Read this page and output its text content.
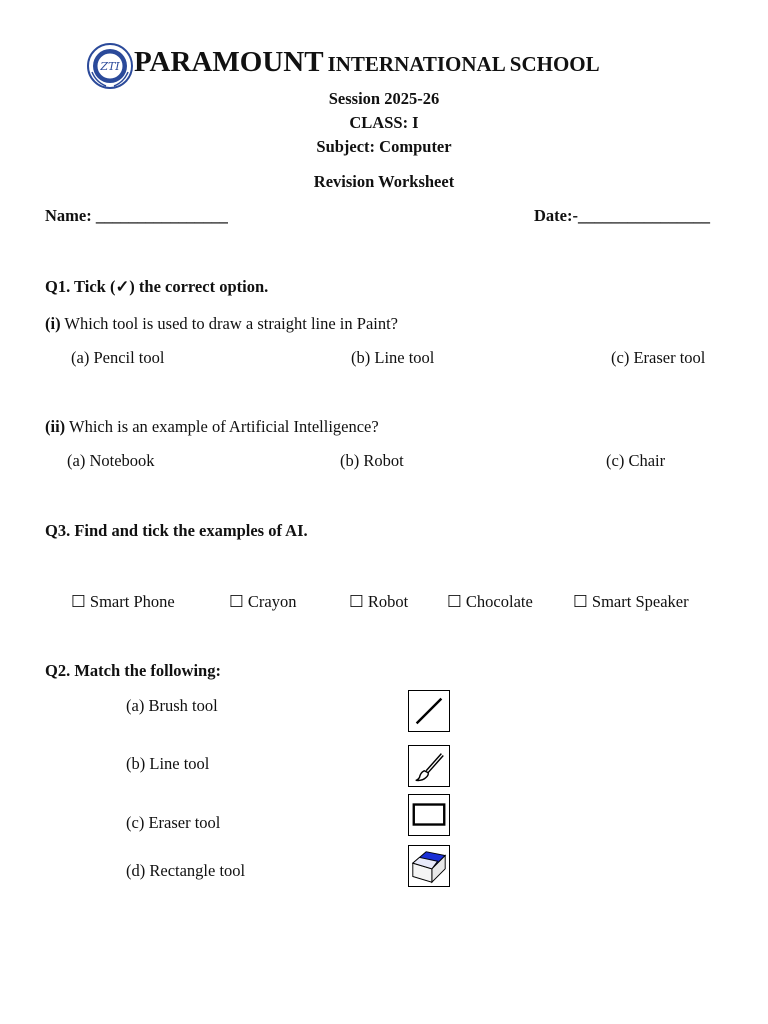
ZTI PARAMOUNT INTERNATIONAL SCHOOL
Session 2025-26
CLASS: I
Subject: Computer
Revision Worksheet
Name: ________________	Date:-________________
Q1. Tick (✓) the correct option.
(i) Which tool is used to draw a straight line in Paint?
(a) Pencil tool	(b) Line tool	(c) Eraser tool
(ii) Which is an example of Artificial Intelligence?
(a) Notebook	(b) Robot	(c) Chair
Q3. Find and tick the examples of AI.
☐ Smart Phone	☐ Crayon	☐ Robot ☐ Chocolate ☐ Smart Speaker
Q2. Match the following:
(a) Brush tool
(b) Line tool
(c) Eraser tool
(d) Rectangle tool
